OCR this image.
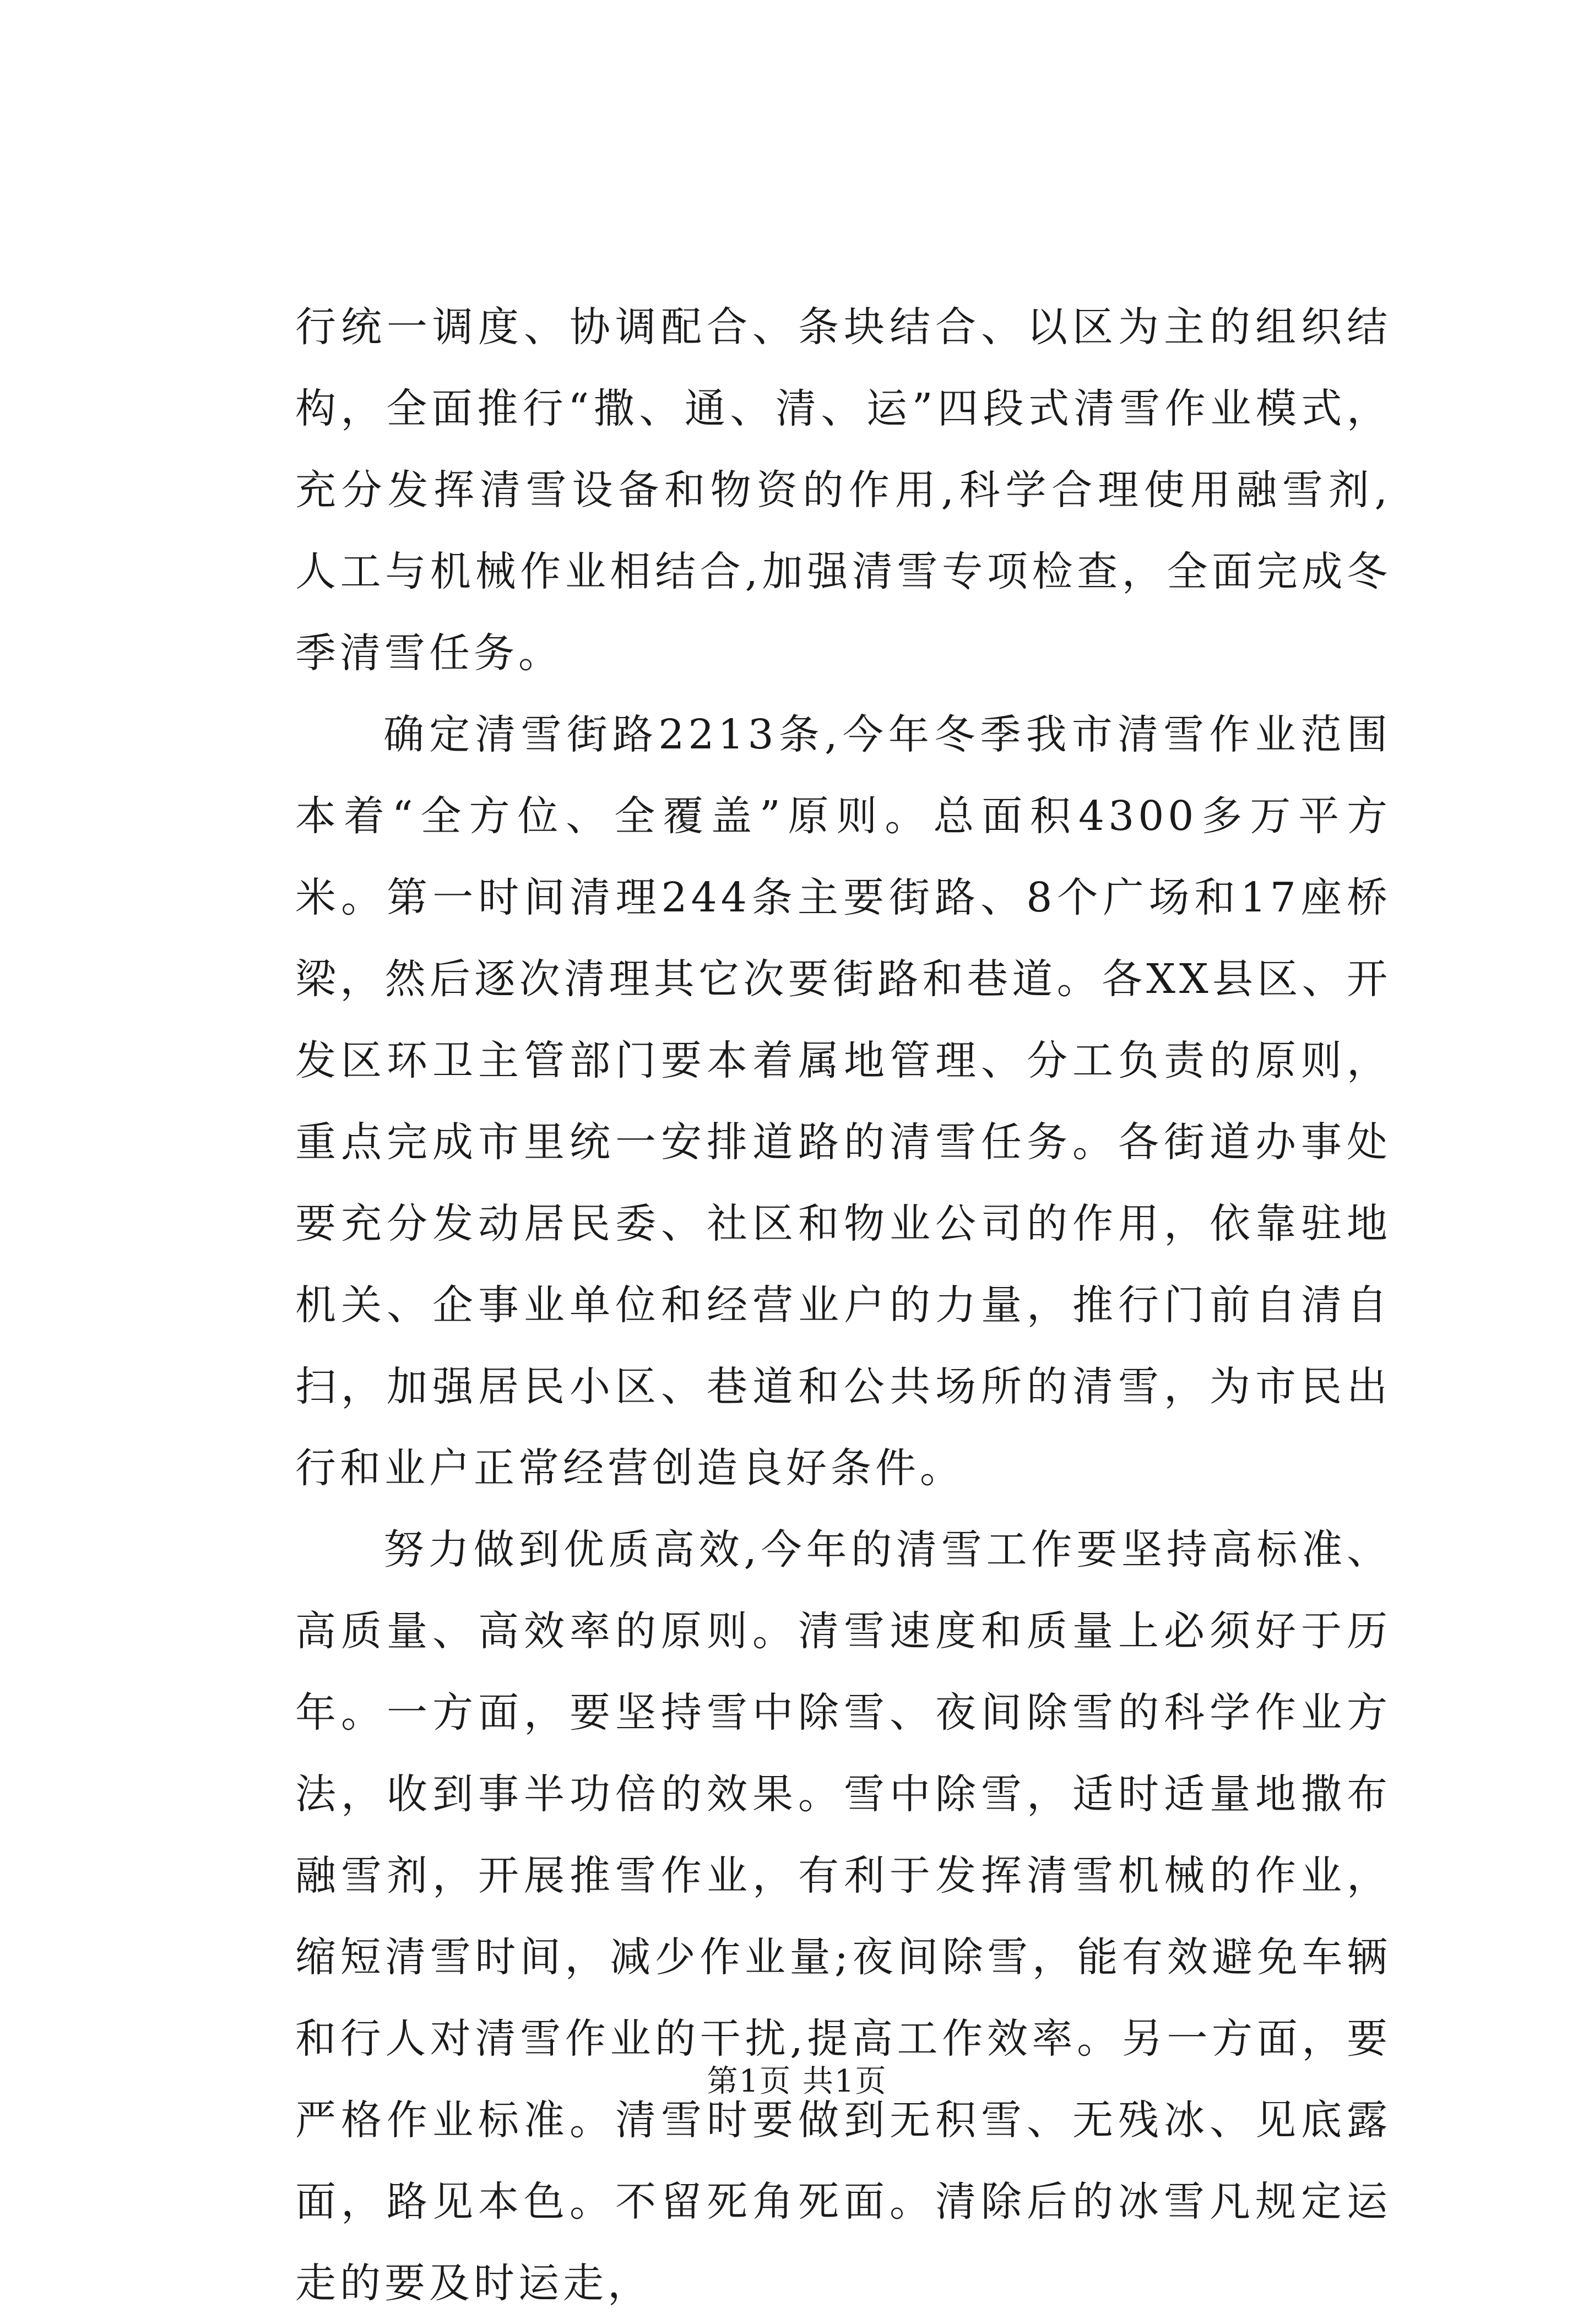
行统一调度、协调配合、条块结合、以区为主的组织结构，全面推行“撒、通、清、运”四段式清雪作业模式，充分发挥清雪设备和物资的作用,科学合理使用融雪剂,人工与机械作业相结合,加强清雪专项检查，全面完成冬季清雪任务。

确定清雪街路2213条,今年冬季我市清雪作业范围本着“全方位、全覆盖”原则。总面积4300多万平方米。第一时间清理244条主要街路、8个广场和17座桥梁，然后逐次清理其它次要街路和巷道。各XX县区、开发区环卫主管部门要本着属地管理、分工负责的原则，重点完成市里统一安排道路的清雪任务。各街道办事处要充分发动居民委、社区和物业公司的作用，依靠驻地机关、企事业单位和经营业户的力量，推行门前自清自扫，加强居民小区、巷道和公共场所的清雪，为市民出行和业户正常经营创造良好条件。

努力做到优质高效,今年的清雪工作要坚持高标准、高质量、高效率的原则。清雪速度和质量上必须好于历年。一方面，要坚持雪中除雪、夜间除雪的科学作业方法，收到事半功倍的效果。雪中除雪，适时适量地撒布融雪剂，开展推雪作业，有利于发挥清雪机械的作业，缩短清雪时间，减少作业量;夜间除雪，能有效避免车辆和行人对清雪作业的干扰,提高工作效率。另一方面，要严格作业标准。清雪时要做到无积雪、无残冰、见底露面，路见本色。不留死角死面。清除后的冰雪凡规定运走的要及时运走，

第1页 共1页
